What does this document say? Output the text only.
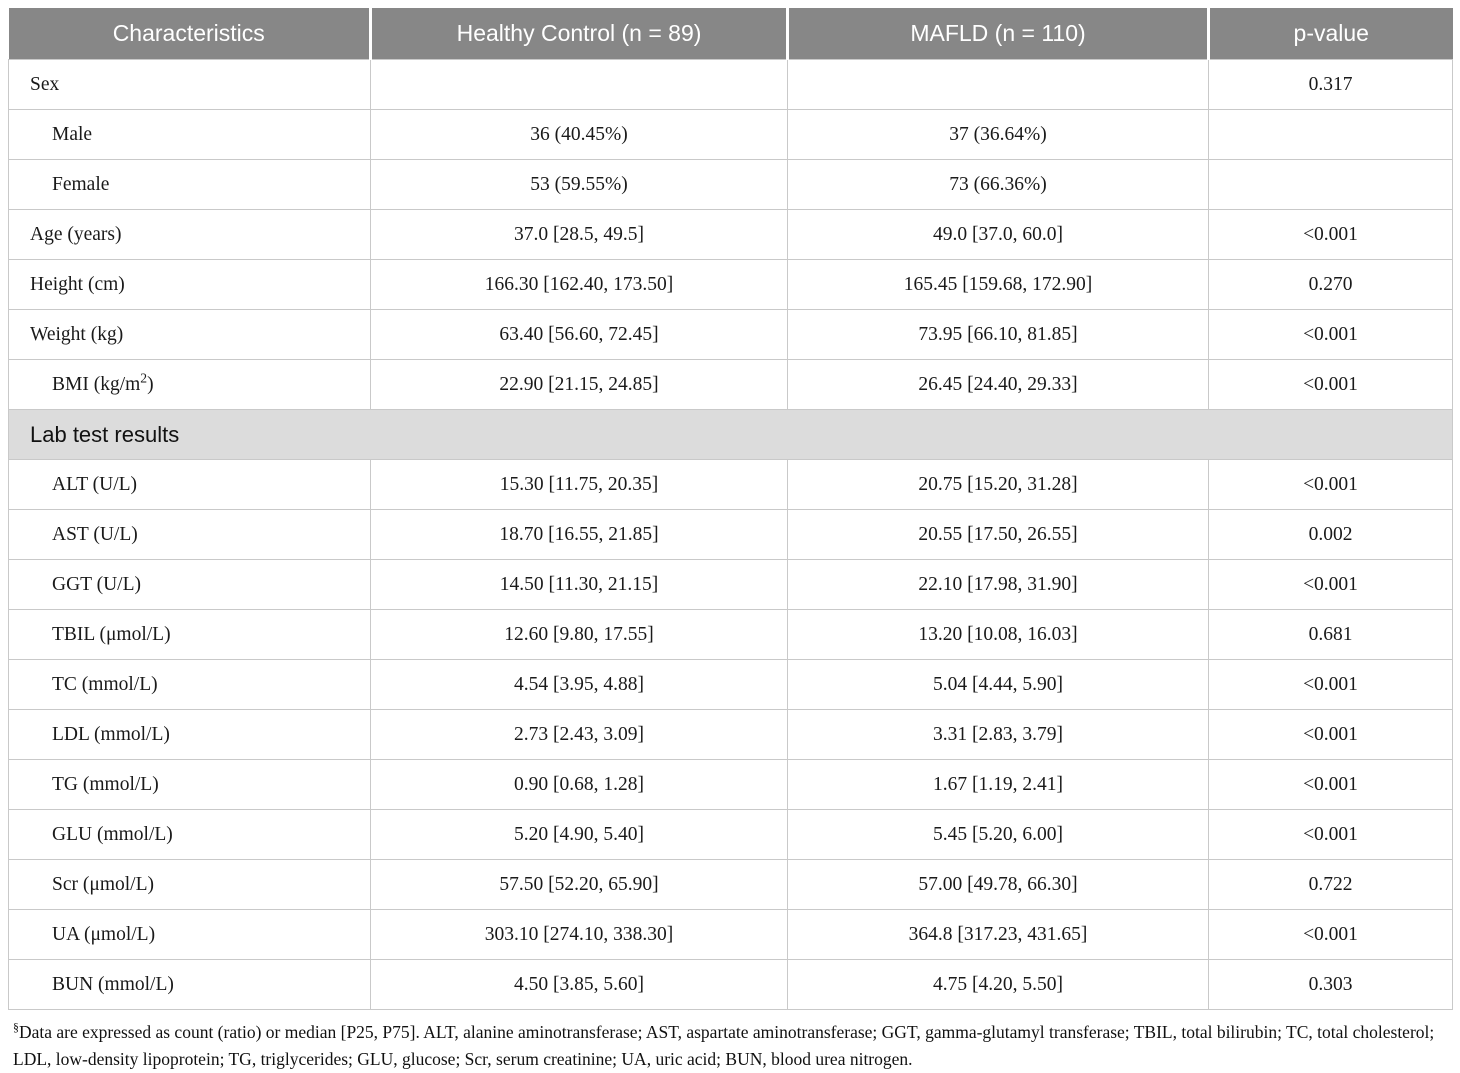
Characteristics	Healthy Control (n = 89)	MAFLD (n = 110)	p-value
Sex			0.317
Male	36 (40.45%)	37 (36.64%)	
Female	53 (59.55%)	73 (66.36%)	
Age (years)	37.0 [28.5, 49.5]	49.0 [37.0, 60.0]	<0.001
Height (cm)	166.30 [162.40, 173.50]	165.45 [159.68, 172.90]	0.270
Weight (kg)	63.40 [56.60, 72.45]	73.95 [66.10, 81.85]	<0.001
BMI $(kg/m^2)$	22.90 [21.15, 24.85]	26.45 [24.40, 29.33]	<0.001
Lab test results			
ALT (U/L)	15.30 [11.75, 20.35]	20.75 [15.20, 31.28]	<0.001
AST (U/L)	18.70 [16.55, 21.85]	20.55 [17.50, 26.55]	0.002
GGT (U/L)	14.50 [11.30, 21.15]	22.10 [17.98, 31.90]	<0.001
TBIL (μmol/L)	12.60 [9.80, 17.55]	13.20 [10.08, 16.03]	0.681
TC (mmol/L)	4.54 [3.95, 4.88]	5.04 [4.44, 5.90]	<0.001
LDL (mmol/L)	2.73 [2.43, 3.09]	3.31 [2.83, 3.79]	<0.001
TG (mmol/L)	0.90 [0.68, 1.28]	1.67 [1.19, 2.41]	<0.001
GLU (mmol/L)	5.20 [4.90, 5.40]	5.45 [5.20, 6.00]	<0.001
Scr (μmol/L)	57.50 [52.20, 65.90]	57.00 [49.78, 66.30]	0.722
UA (μmol/L)	303.10 [274.10, 338.30]	364.8 [317.23, 431.65]	<0.001
BUN (mmol/L)	4.50 [3.85, 5.60]	4.75 [4.20, 5.50]	0.303

§Data are expressed as count (ratio) or median [P25, P75]. ALT, alanine aminotransferase; AST, aspartate aminotransferase; GGT, gamma-glutamyl transferase; TBIL, total bilirubin; TC, total cholesterol; LDL, low-density lipoprotein; TG, triglycerides; GLU, glucose; Scr, serum creatinine; UA, uric acid; BUN, blood urea nitrogen.
